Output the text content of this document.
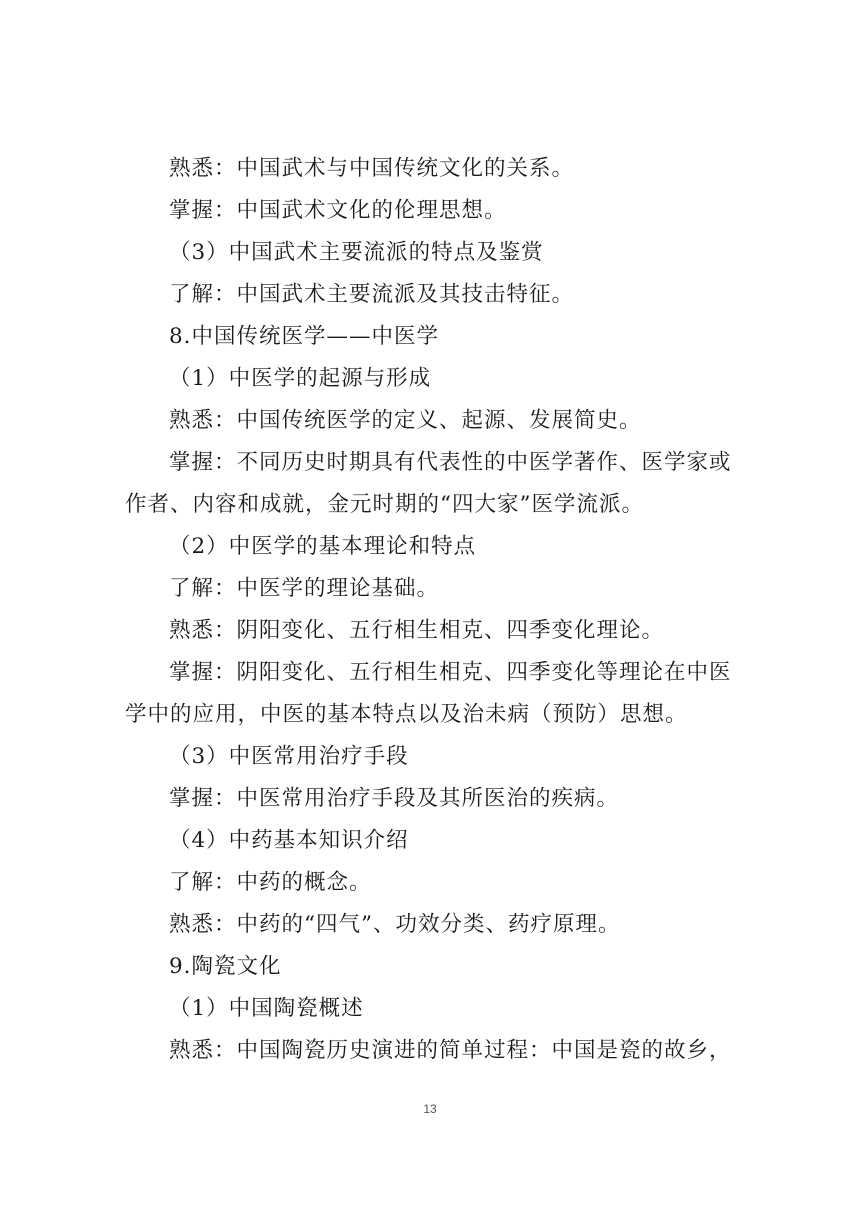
熟悉：中国武术与中国传统文化的关系。
掌握：中国武术文化的伦理思想。
（3）中国武术主要流派的特点及鉴赏
了解：中国武术主要流派及其技击特征。
8.中国传统医学——中医学
（1）中医学的起源与形成
熟悉：中国传统医学的定义、起源、发展简史。
掌握：不同历史时期具有代表性的中医学著作、医学家或
作者、内容和成就，金元时期的“四大家”医学流派。
（2）中医学的基本理论和特点
了解：中医学的理论基础。
熟悉：阴阳变化、五行相生相克、四季变化理论。
掌握：阴阳变化、五行相生相克、四季变化等理论在中医
学中的应用，中医的基本特点以及治未病（预防）思想。
（3）中医常用治疗手段
掌握：中医常用治疗手段及其所医治的疾病。
（4）中药基本知识介绍
了解：中药的概念。
熟悉：中药的“四气”、功效分类、药疗原理。
9.陶瓷文化
（1）中国陶瓷概述
熟悉：中国陶瓷历史演进的简单过程：中国是瓷的故乡，
13
